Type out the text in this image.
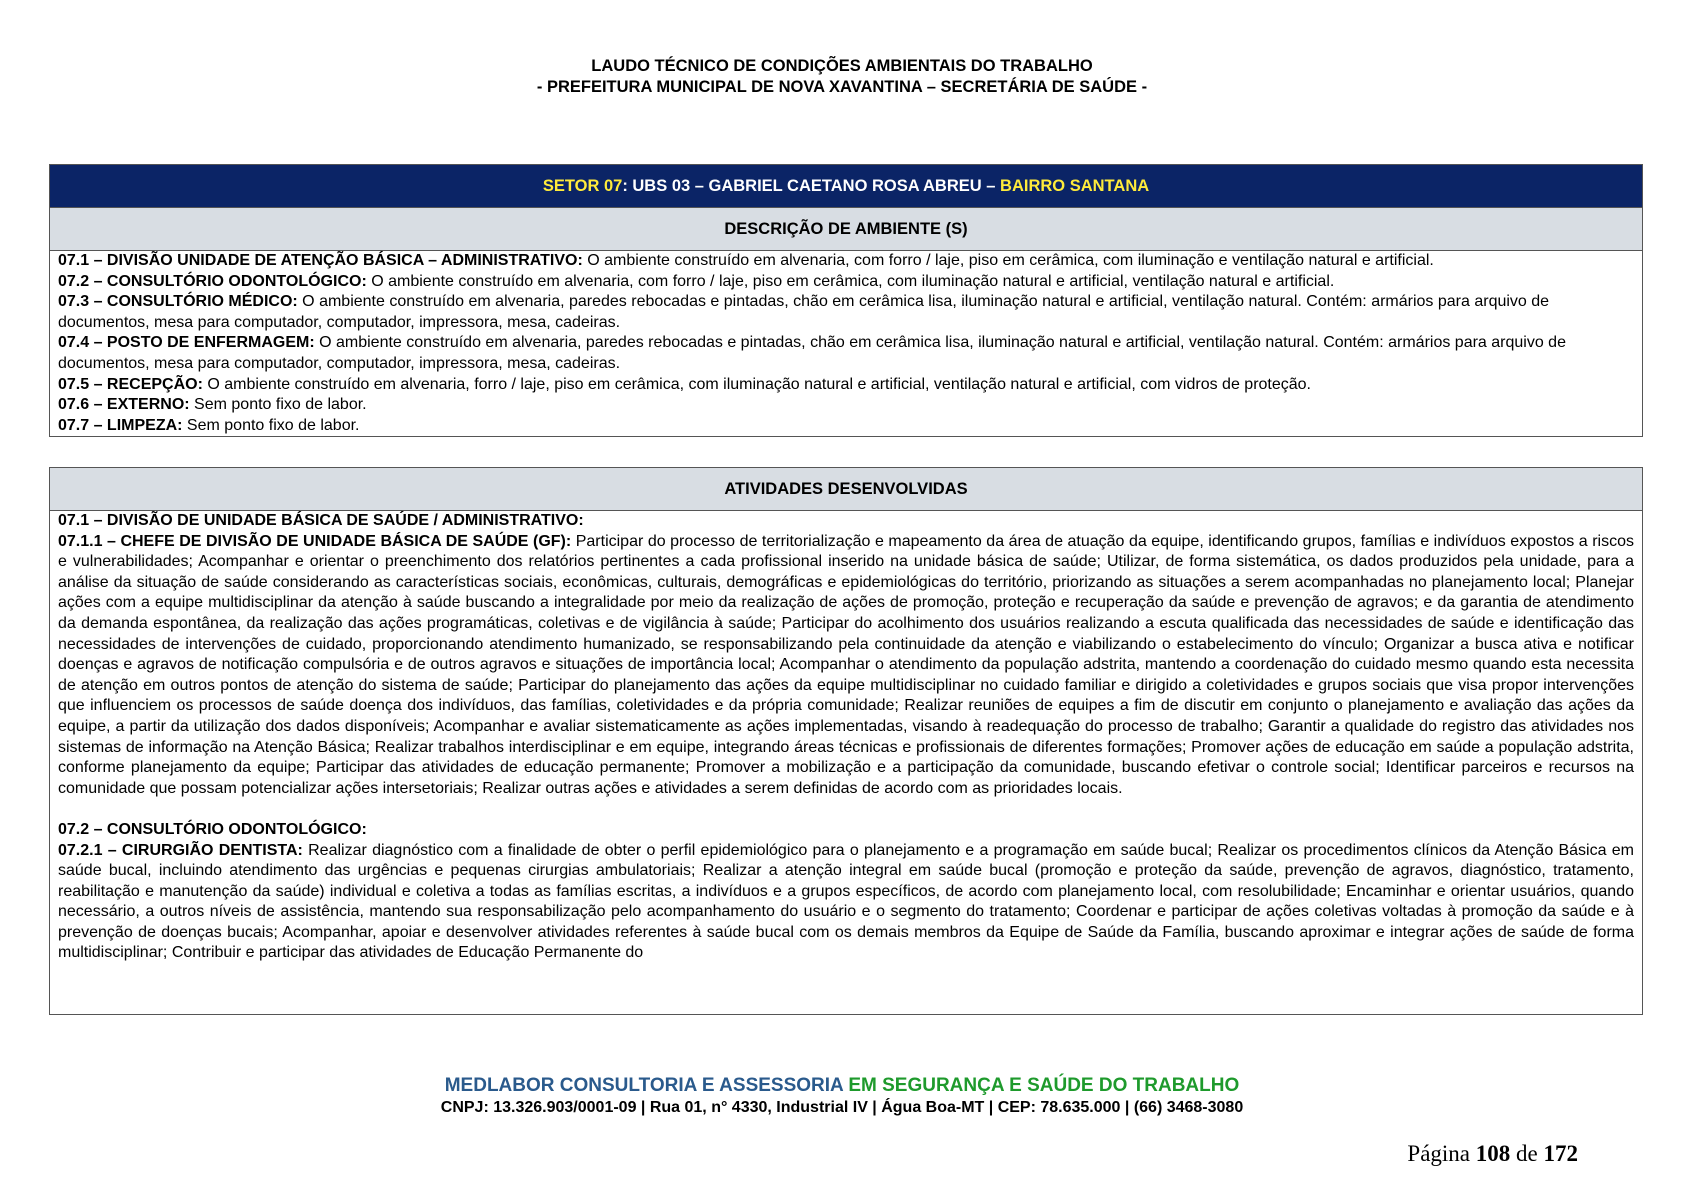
LAUDO TÉCNICO DE CONDIÇÕES AMBIENTAIS DO TRABALHO
- PREFEITURA MUNICIPAL DE NOVA XAVANTINA – SECRETÁRIA DE SAÚDE -
SETOR 07: UBS 03 – GABRIEL CAETANO ROSA ABREU – BAIRRO SANTANA
DESCRIÇÃO DE AMBIENTE (S)

07.1 – DIVISÃO UNIDADE DE ATENÇÃO BÁSICA – ADMINISTRATIVO: O ambiente construído em alvenaria, com forro / laje, piso em cerâmica, com iluminação e ventilação natural e artificial.

07.2 – CONSULTÓRIO ODONTOLÓGICO: O ambiente construído em alvenaria, com forro / laje, piso em cerâmica, com iluminação natural e artificial, ventilação natural e artificial.

07.3 – CONSULTÓRIO MÉDICO: O ambiente construído em alvenaria, paredes rebocadas e pintadas, chão em cerâmica lisa, iluminação natural e artificial, ventilação natural. Contém: armários para arquivo de documentos, mesa para computador, computador, impressora, mesa, cadeiras.

07.4 – POSTO DE ENFERMAGEM: O ambiente construído em alvenaria, paredes rebocadas e pintadas, chão em cerâmica lisa, iluminação natural e artificial, ventilação natural. Contém: armários para arquivo de documentos, mesa para computador, computador, impressora, mesa, cadeiras.

07.5 – RECEPÇÃO: O ambiente construído em alvenaria, forro / laje, piso em cerâmica, com iluminação natural e artificial, ventilação natural e artificial, com vidros de proteção.

07.6 – EXTERNO: Sem ponto fixo de labor.

07.7 – LIMPEZA: Sem ponto fixo de labor.

ATIVIDADES DESENVOLVIDAS

07.1 – DIVISÃO DE UNIDADE BÁSICA DE SAÚDE / ADMINISTRATIVO:

07.1.1 – CHEFE DE DIVISÃO DE UNIDADE BÁSICA DE SAÚDE (GF): Participar do processo de territorialização e mapeamento da área de atuação da equipe, identificando grupos, famílias e indivíduos expostos a riscos e vulnerabilidades; Acompanhar e orientar o preenchimento dos relatórios pertinentes a cada profissional inserido na unidade básica de saúde; Utilizar, de forma sistemática, os dados produzidos pela unidade, para a análise da situação de saúde considerando as características sociais, econômicas, culturais, demográficas e epidemiológicas do território, priorizando as situações a serem acompanhadas no planejamento local; Planejar ações com a equipe multidisciplinar da atenção à saúde buscando a integralidade por meio da realização de ações de promoção, proteção e recuperação da saúde e prevenção de agravos; e da garantia de atendimento da demanda espontânea, da realização das ações programáticas, coletivas e de vigilância à saúde; Participar do acolhimento dos usuários realizando a escuta qualificada das necessidades de saúde e identificação das necessidades de intervenções de cuidado, proporcionando atendimento humanizado, se responsabilizando pela continuidade da atenção e viabilizando o estabelecimento do vínculo; Organizar a busca ativa e notificar doenças e agravos de notificação compulsória e de outros agravos e situações de importância local; Acompanhar o atendimento da população adstrita, mantendo a coordenação do cuidado mesmo quando esta necessita de atenção em outros pontos de atenção do sistema de saúde; Participar do planejamento das ações da equipe multidisciplinar no cuidado familiar e dirigido a coletividades e grupos sociais que visa propor intervenções que influenciem os processos de saúde doença dos indivíduos, das famílias, coletividades e da própria comunidade; Realizar reuniões de equipes a fim de discutir em conjunto o planejamento e avaliação das ações da equipe, a partir da utilização dos dados disponíveis; Acompanhar e avaliar sistematicamente as ações implementadas, visando à readequação do processo de trabalho; Garantir a qualidade do registro das atividades nos sistemas de informação na Atenção Básica; Realizar trabalhos interdisciplinar e em equipe, integrando áreas técnicas e profissionais de diferentes formações; Promover ações de educação em saúde a população adstrita, conforme planejamento da equipe; Participar das atividades de educação permanente; Promover a mobilização e a participação da comunidade, buscando efetivar o controle social; Identificar parceiros e recursos na comunidade que possam potencializar ações intersetoriais; Realizar outras ações e atividades a serem definidas de acordo com as prioridades locais.

07.2 – CONSULTÓRIO ODONTOLÓGICO:

07.2.1 – CIRURGIÃO DENTISTA: Realizar diagnóstico com a finalidade de obter o perfil epidemiológico para o planejamento e a programação em saúde bucal; Realizar os procedimentos clínicos da Atenção Básica em saúde bucal, incluindo atendimento das urgências e pequenas cirurgias ambulatoriais; Realizar a atenção integral em saúde bucal (promoção e proteção da saúde, prevenção de agravos, diagnóstico, tratamento, reabilitação e manutenção da saúde) individual e coletiva a todas as famílias escritas, a indivíduos e a grupos específicos, de acordo com planejamento local, com resolubilidade; Encaminhar e orientar usuários, quando necessário, a outros níveis de assistência, mantendo sua responsabilização pelo acompanhamento do usuário e o segmento do tratamento; Coordenar e participar de ações coletivas voltadas à promoção da saúde e à prevenção de doenças bucais; Acompanhar, apoiar e desenvolver atividades referentes à saúde bucal com os demais membros da Equipe de Saúde da Família, buscando aproximar e integrar ações de saúde de forma multidisciplinar; Contribuir e participar das atividades de Educação Permanente do

MEDLABOR CONSULTORIA E ASSESSORIA EM SEGURANÇA E SAÚDE DO TRABALHO
CNPJ: 13.326.903/0001-09 | Rua 01, n° 4330, Industrial IV | Água Boa-MT | CEP: 78.635.000 | (66) 3468-3080
Página 108 de 172
